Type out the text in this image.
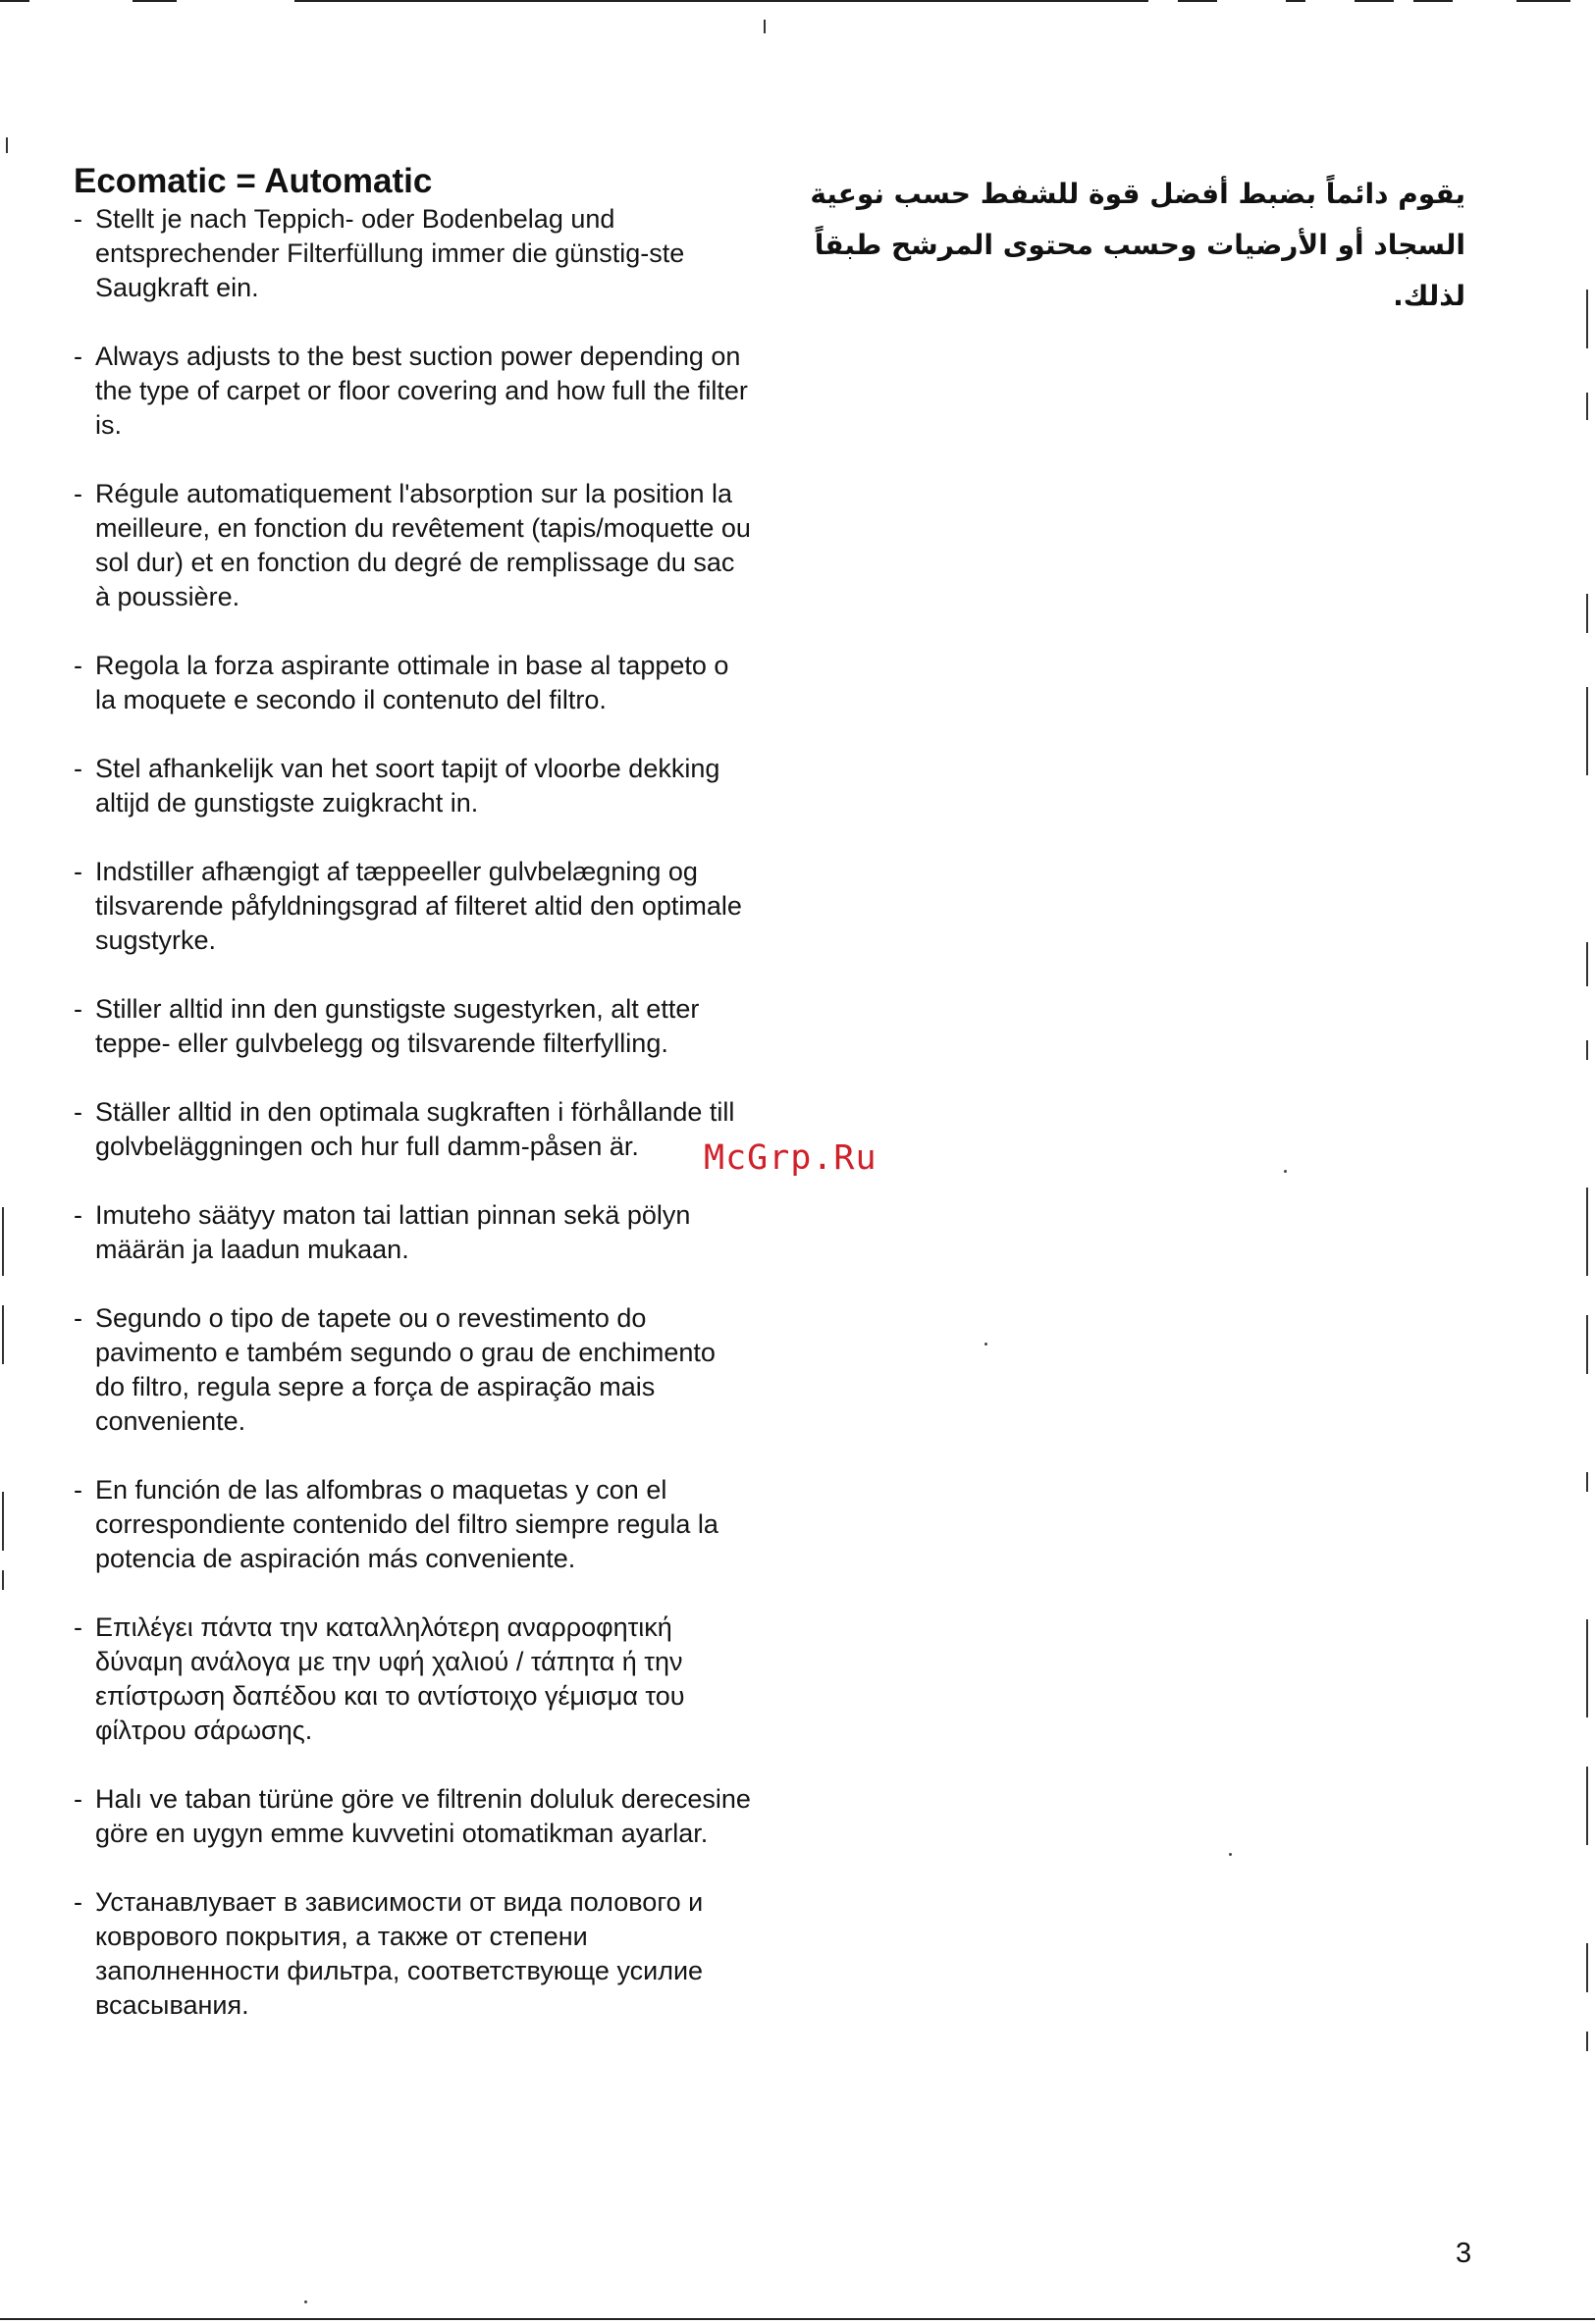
Ecomatic = Automatic
- Stellt je nach Teppich- oder Bodenbelag und entsprechender Filterfüllung immer die günstig-ste Saugkraft ein.
- Always adjusts to the best suction power depending on the type of carpet or floor covering and how full the filter is.
- Régule automatiquement l'absorption sur la position la meilleure, en fonction du revêtement (tapis/moquette ou sol dur) et en fonction du degré de remplissage du sac à poussière.
- Regola la forza aspirante ottimale in base al tappeto o la moquete e secondo il contenuto del filtro.
- Stel afhankelijk van het soort tapijt of vloorbe dekking altijd de gunstigste zuigkracht in.
- Indstiller afhængigt af tæppeeller gulvbelægning og tilsvarende påfyldningsgrad af filteret altid den optimale sugstyrke.
- Stiller alltid inn den gunstigste sugestyrken, alt etter teppe- eller gulvbelegg og tilsvarende filterfylling.
- Ställer alltid in den optimala sugkraften i förhållande till golvbeläggningen och hur full damm-påsen är.
- Imuteho säätyy maton tai lattian pinnan sekä pölyn määrän ja laadun mukaan.
- Segundo o tipo de tapete ou o revestimento do pavimento e também segundo o grau de enchimento do filtro, regula sepre a força de aspiração mais conveniente.
- En función de las alfombras o maquetas y con el correspondiente contenido del filtro siempre regula la potencia de aspiración más conveniente.
- Επιλέγει πάντα την καταλληλότερη αναρροφητική δύναμη ανάλογα με την υφή χαλιού / τάπητα ή την επίστρωση δαπέδου και το αντίστοιχο γέμισμα του φίλτρου σάρωσης.
- Halı ve taban türüne göre ve filtrenin doluluk derecesine göre en uygyn emme kuvvetini otomatikman ayarlar.
- Устанавлувает в зависимости от вида полового и коврового покрытия, а также от степени заполненности фильтра, соответствующе усилие всасывания.
يقوم دائماً بضبط أفضل قوة للشفط حسب نوعية السجاد أو الأرضيات وحسب محتوى المرشح طبقاً لذلك.
McGrp.Ru
3
